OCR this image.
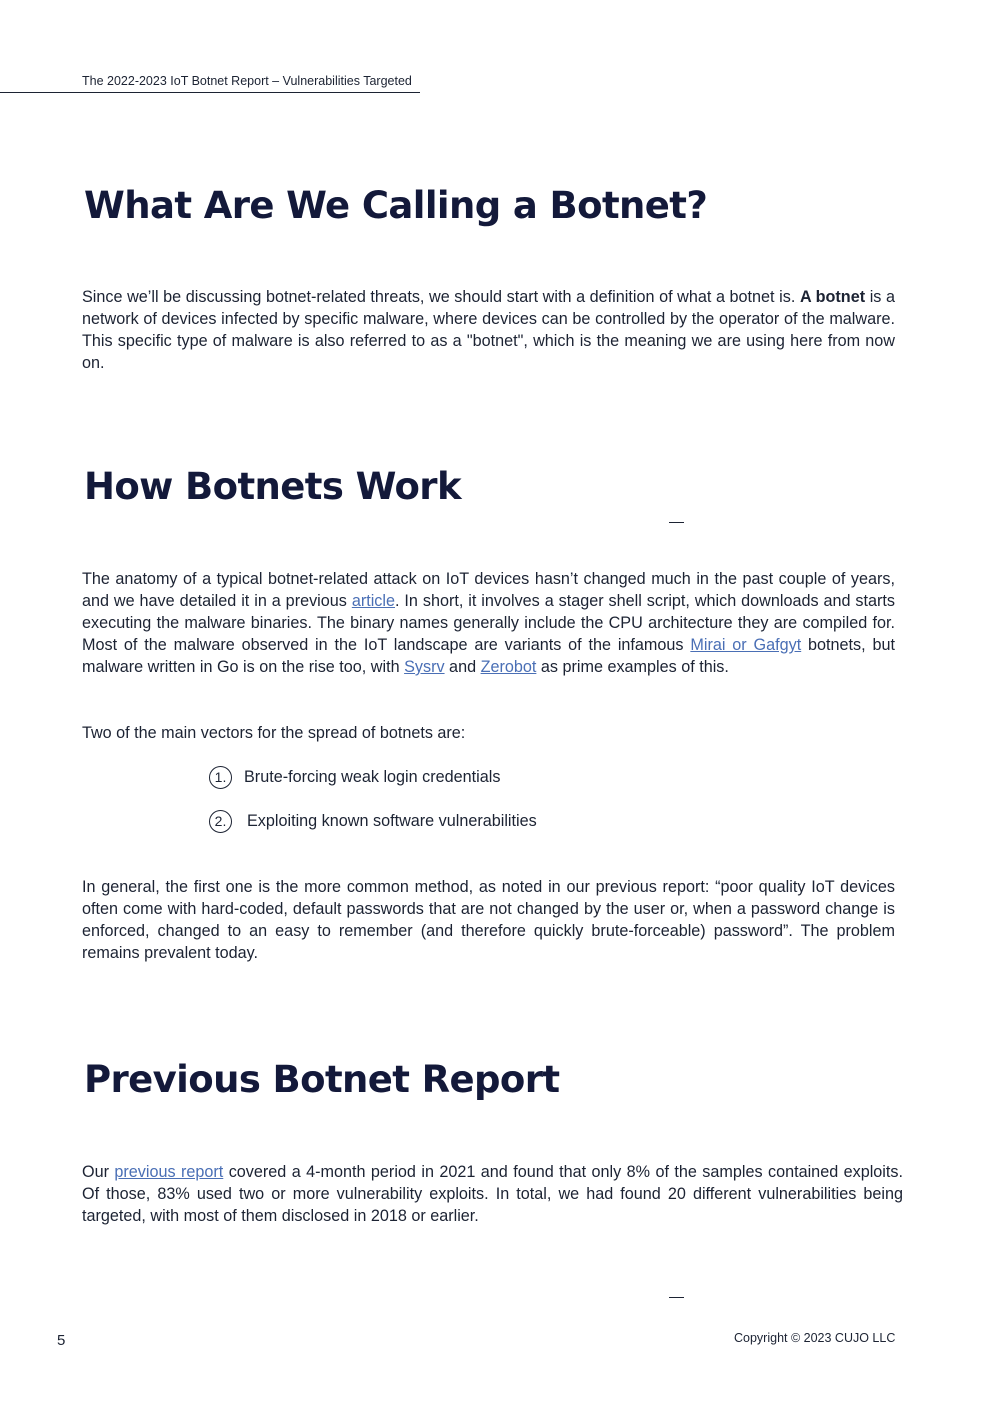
The 2022-2023 IoT Botnet Report – Vulnerabilities Targeted
What Are We Calling a Botnet?

Since we’ll be discussing botnet-related threats, we should start with a definition of what a botnet is. A botnet is a network of devices infected by specific malware, where devices can be controlled by the operator of the malware. This specific type of malware is also referred to as a "botnet", which is the meaning we are using here from now on.

How Botnets Work

The anatomy of a typical botnet-related attack on IoT devices hasn’t changed much in the past couple of years, and we have detailed it in a previous article. In short, it involves a stager shell script, which downloads and starts executing the malware binaries. The binary names generally include the CPU architecture they are compiled for. Most of the malware observed in the IoT landscape are variants of the infamous Mirai or Gafgyt botnets, but malware written in Go is on the rise too, with Sysrv and Zerobot as prime examples of this.

Two of the main vectors for the spread of botnets are:

1.	Brute-forcing weak login credentials
2.	Exploiting known software vulnerabilities

In general, the first one is the more common method, as noted in our previous report: “poor quality IoT devices often come with hard-coded, default passwords that are not changed by the user or, when a password change is enforced, changed to an easy to remember (and therefore quickly brute-forceable) password”. The problem remains prevalent today.

Previous Botnet Report

Our previous report covered a 4-month period in 2021 and found that only 8% of the samples contained exploits. Of those, 83% used two or more vulnerability exploits. In total, we had found 20 different vulnerabilities being targeted, with most of them disclosed in 2018 or earlier.

5	Copyright © 2023 CUJO LLC
